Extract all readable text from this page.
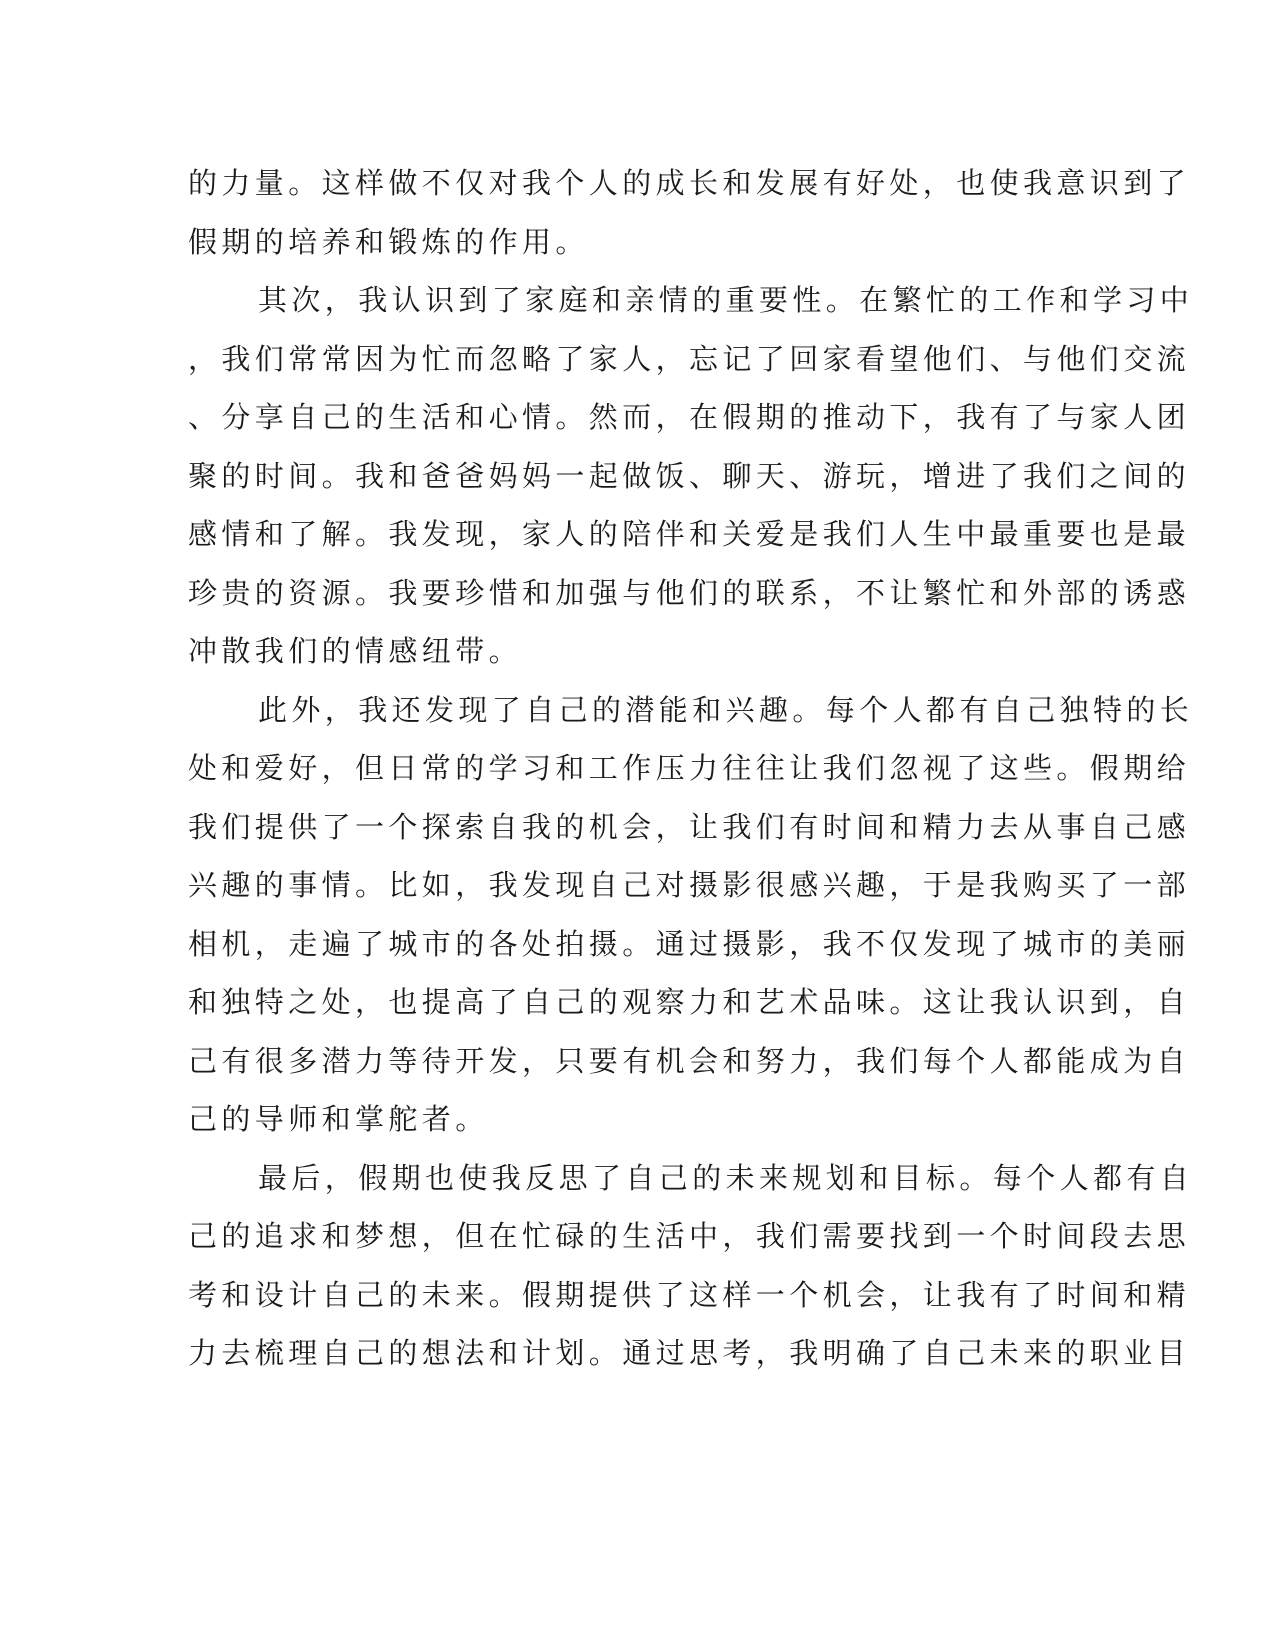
的力量。这样做不仅对我个人的成长和发展有好处，也使我意识到了
假期的培养和锻炼的作用。
其次，我认识到了家庭和亲情的重要性。在繁忙的工作和学习中
，我们常常因为忙而忽略了家人，忘记了回家看望他们、与他们交流
、分享自己的生活和心情。然而，在假期的推动下，我有了与家人团
聚的时间。我和爸爸妈妈一起做饭、聊天、游玩，增进了我们之间的
感情和了解。我发现，家人的陪伴和关爱是我们人生中最重要也是最
珍贵的资源。我要珍惜和加强与他们的联系，不让繁忙和外部的诱惑
冲散我们的情感纽带。
此外，我还发现了自己的潜能和兴趣。每个人都有自己独特的长
处和爱好，但日常的学习和工作压力往往让我们忽视了这些。假期给
我们提供了一个探索自我的机会，让我们有时间和精力去从事自己感
兴趣的事情。比如，我发现自己对摄影很感兴趣，于是我购买了一部
相机，走遍了城市的各处拍摄。通过摄影，我不仅发现了城市的美丽
和独特之处，也提高了自己的观察力和艺术品味。这让我认识到，自
己有很多潜力等待开发，只要有机会和努力，我们每个人都能成为自
己的导师和掌舵者。
最后，假期也使我反思了自己的未来规划和目标。每个人都有自
己的追求和梦想，但在忙碌的生活中，我们需要找到一个时间段去思
考和设计自己的未来。假期提供了这样一个机会，让我有了时间和精
力去梳理自己的想法和计划。通过思考，我明确了自己未来的职业目
